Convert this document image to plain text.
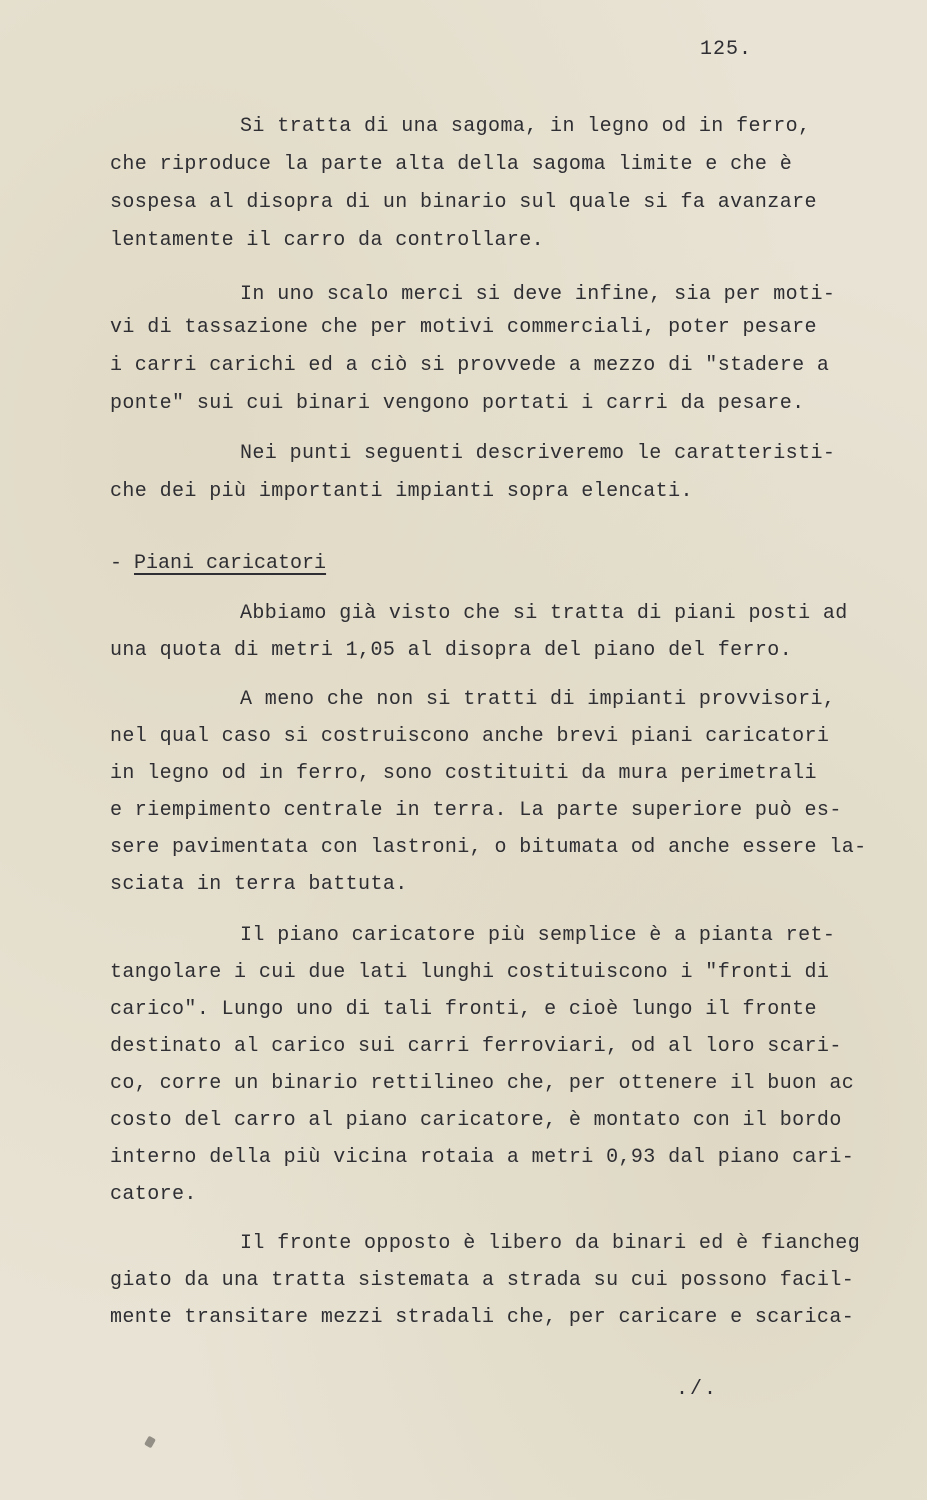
125.
Si tratta di una sagoma, in legno od in ferro,
che riproduce la parte alta della sagoma limite e che è
sospesa al disopra di un binario sul quale si fa avanzare
lentamente il carro da controllare.
In uno scalo merci si deve infine, sia per moti-
vi di tassazione che per motivi commerciali, poter pesare
i carri carichi ed a ciò si provvede a mezzo di "stadere a
ponte" sui cui binari vengono portati i carri da pesare.
Nei punti seguenti descriveremo le caratteristi-
che dei più importanti impianti sopra elencati.
- Piani caricatori
Abbiamo già visto che si tratta di piani posti ad
una quota di metri 1,05 al disopra del piano del ferro.
A meno che non si tratti di impianti provvisori,
nel qual caso si costruiscono anche brevi piani caricatori
in legno od in ferro, sono costituiti da mura perimetrali
e riempimento centrale in terra. La parte superiore può es-
sere pavimentata con lastroni, o bitumata od anche essere la-
sciata in terra battuta.
Il piano caricatore più semplice è a pianta ret-
tangolare i cui due lati lunghi costituiscono i "fronti di
carico". Lungo uno di tali fronti, e cioè lungo il fronte
destinato al carico sui carri ferroviari, od al loro scari-
co, corre un binario rettilineo che, per ottenere il buon ac
costo del carro al piano caricatore, è montato con il bordo
interno della più vicina rotaia a metri 0,93 dal piano cari-
catore.
Il fronte opposto è libero da binari ed è fiancheg
giato da una tratta sistemata a strada su cui possono facil-
mente transitare mezzi stradali che, per caricare e scarica-
./.
